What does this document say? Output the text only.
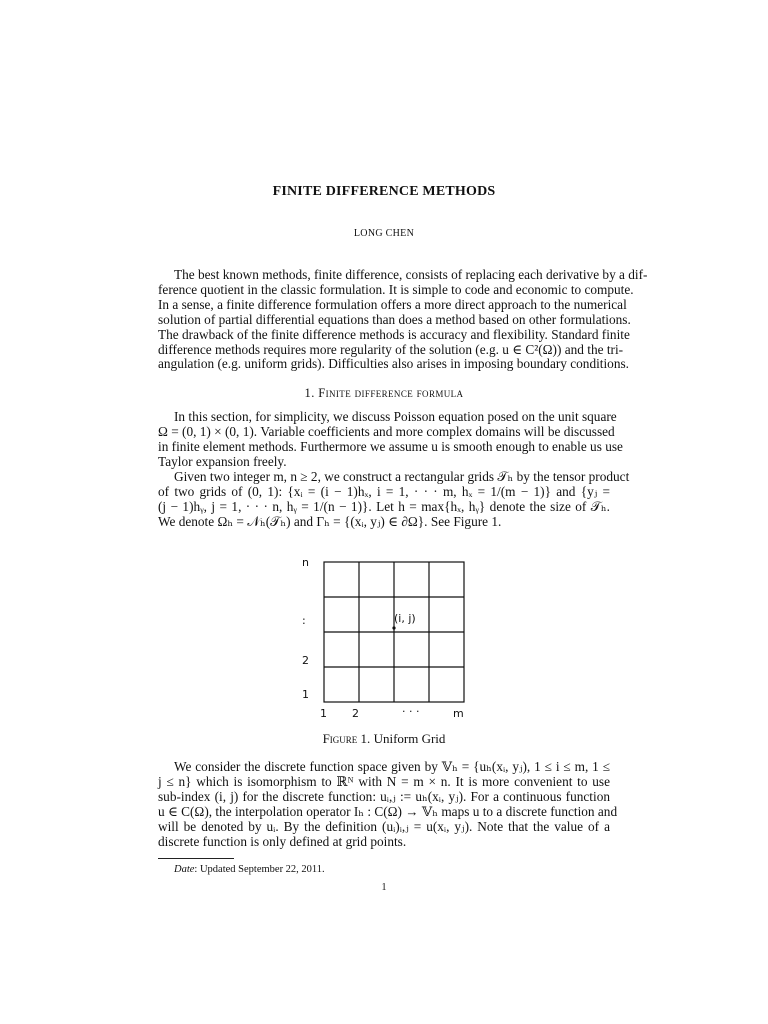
FINITE DIFFERENCE METHODS
LONG CHEN

The best known methods, finite difference, consists of replacing each derivative by a dif-
ference quotient in the classic formulation. It is simple to code and economic to compute.
In a sense, a finite difference formulation offers a more direct approach to the numerical
solution of partial differential equations than does a method based on other formulations.
The drawback of the finite difference methods is accuracy and flexibility. Standard finite
difference methods requires more regularity of the solution (e.g. u ∈ C²(Ω)) and the tri-
angulation (e.g. uniform grids). Difficulties also arises in imposing boundary conditions.

1. Finite difference formula

In this section, for simplicity, we discuss Poisson equation posed on the unit square
Ω = (0, 1) × (0, 1). Variable coefficients and more complex domains will be discussed
in finite element methods. Furthermore we assume u is smooth enough to enable us use
Taylor expansion freely.

Given two integer m, n ≥ 2, we construct a rectangular grids 𝒯ₕ by the tensor product
of two grids of (0, 1): {xᵢ = (i − 1)hₓ, i = 1, · · · m, hₓ = 1/(m − 1)} and {yⱼ =
(j − 1)hᵧ, j = 1, · · · n, hᵧ = 1/(n − 1)}. Let h = max{hₓ, hᵧ} denote the size of 𝒯ₕ.
We denote Ωₕ = 𝒩ₕ(𝒯ₕ) and Γₕ = {(xᵢ, yⱼ) ∈ ∂Ω}. See Figure 1.

n
:
2
1
1 2	· · ·	m
(i, j)
Figure 1. Uniform Grid

We consider the discrete function space given by 𝕍ₕ = {uₕ(xᵢ, yⱼ), 1 ≤ i ≤ m, 1 ≤
j ≤ n} which is isomorphism to ℝᴺ with N = m × n. It is more convenient to use
sub-index (i, j) for the discrete function: uᵢ,ⱼ := uₕ(xᵢ, yⱼ). For a continuous function
u ∈ C(Ω), the interpolation operator Iₕ : C(Ω) → 𝕍ₕ maps u to a discrete function and
will be denoted by uᵢ. By the definition (uᵢ)ᵢ,ⱼ = u(xᵢ, yⱼ). Note that the value of a
discrete function is only defined at grid points.

Date: Updated September 22, 2011.
1
